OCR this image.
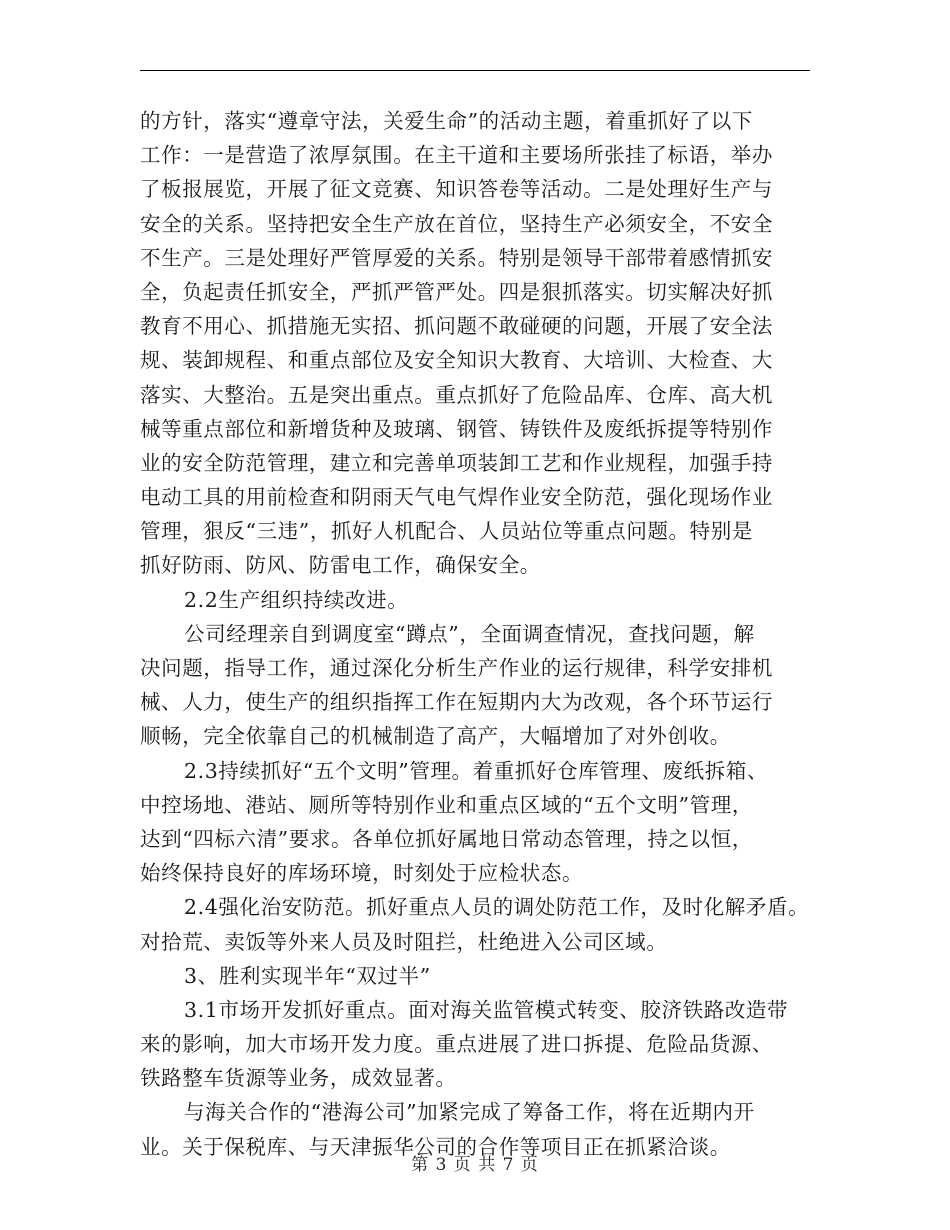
的方针，落实“遵章守法，关爱生命”的活动主题，着重抓好了以下
工作：一是营造了浓厚氛围。在主干道和主要场所张挂了标语，举办
了板报展览，开展了征文竞赛、知识答卷等活动。二是处理好生产与
安全的关系。坚持把安全生产放在首位，坚持生产必须安全，不安全
不生产。三是处理好严管厚爱的关系。特别是领导干部带着感情抓安
全，负起责任抓安全，严抓严管严处。四是狠抓落实。切实解决好抓
教育不用心、抓措施无实招、抓问题不敢碰硬的问题，开展了安全法
规、装卸规程、和重点部位及安全知识大教育、大培训、大检查、大
落实、大整治。五是突出重点。重点抓好了危险品库、仓库、高大机
械等重点部位和新增货种及玻璃、钢管、铸铁件及废纸拆提等特别作
业的安全防范管理，建立和完善单项装卸工艺和作业规程，加强手持
电动工具的用前检查和阴雨天气电气焊作业安全防范，强化现场作业
管理，狠反“三违”，抓好人机配合、人员站位等重点问题。特别是
抓好防雨、防风、防雷电工作，确保安全。
2.2生产组织持续改进。
公司经理亲自到调度室“蹲点”，全面调查情况，查找问题，解
决问题，指导工作，通过深化分析生产作业的运行规律，科学安排机
械、人力，使生产的组织指挥工作在短期内大为改观，各个环节运行
顺畅，完全依靠自己的机械制造了高产，大幅增加了对外创收。
2.3持续抓好“五个文明”管理。着重抓好仓库管理、废纸拆箱、
中控场地、港站、厕所等特别作业和重点区域的“五个文明”管理，
达到“四标六清”要求。各单位抓好属地日常动态管理，持之以恒，
始终保持良好的库场环境，时刻处于应检状态。
2.4强化治安防范。抓好重点人员的调处防范工作，及时化解矛盾。
对拾荒、卖饭等外来人员及时阻拦，杜绝进入公司区域。
3、胜利实现半年“双过半”
3.1市场开发抓好重点。面对海关监管模式转变、胶济铁路改造带
来的影响，加大市场开发力度。重点进展了进口拆提、危险品货源、
铁路整车货源等业务，成效显著。
与海关合作的“港海公司”加紧完成了筹备工作，将在近期内开
业。关于保税库、与天津振华公司的合作等项目正在抓紧洽谈。
第 3 页 共 7 页
